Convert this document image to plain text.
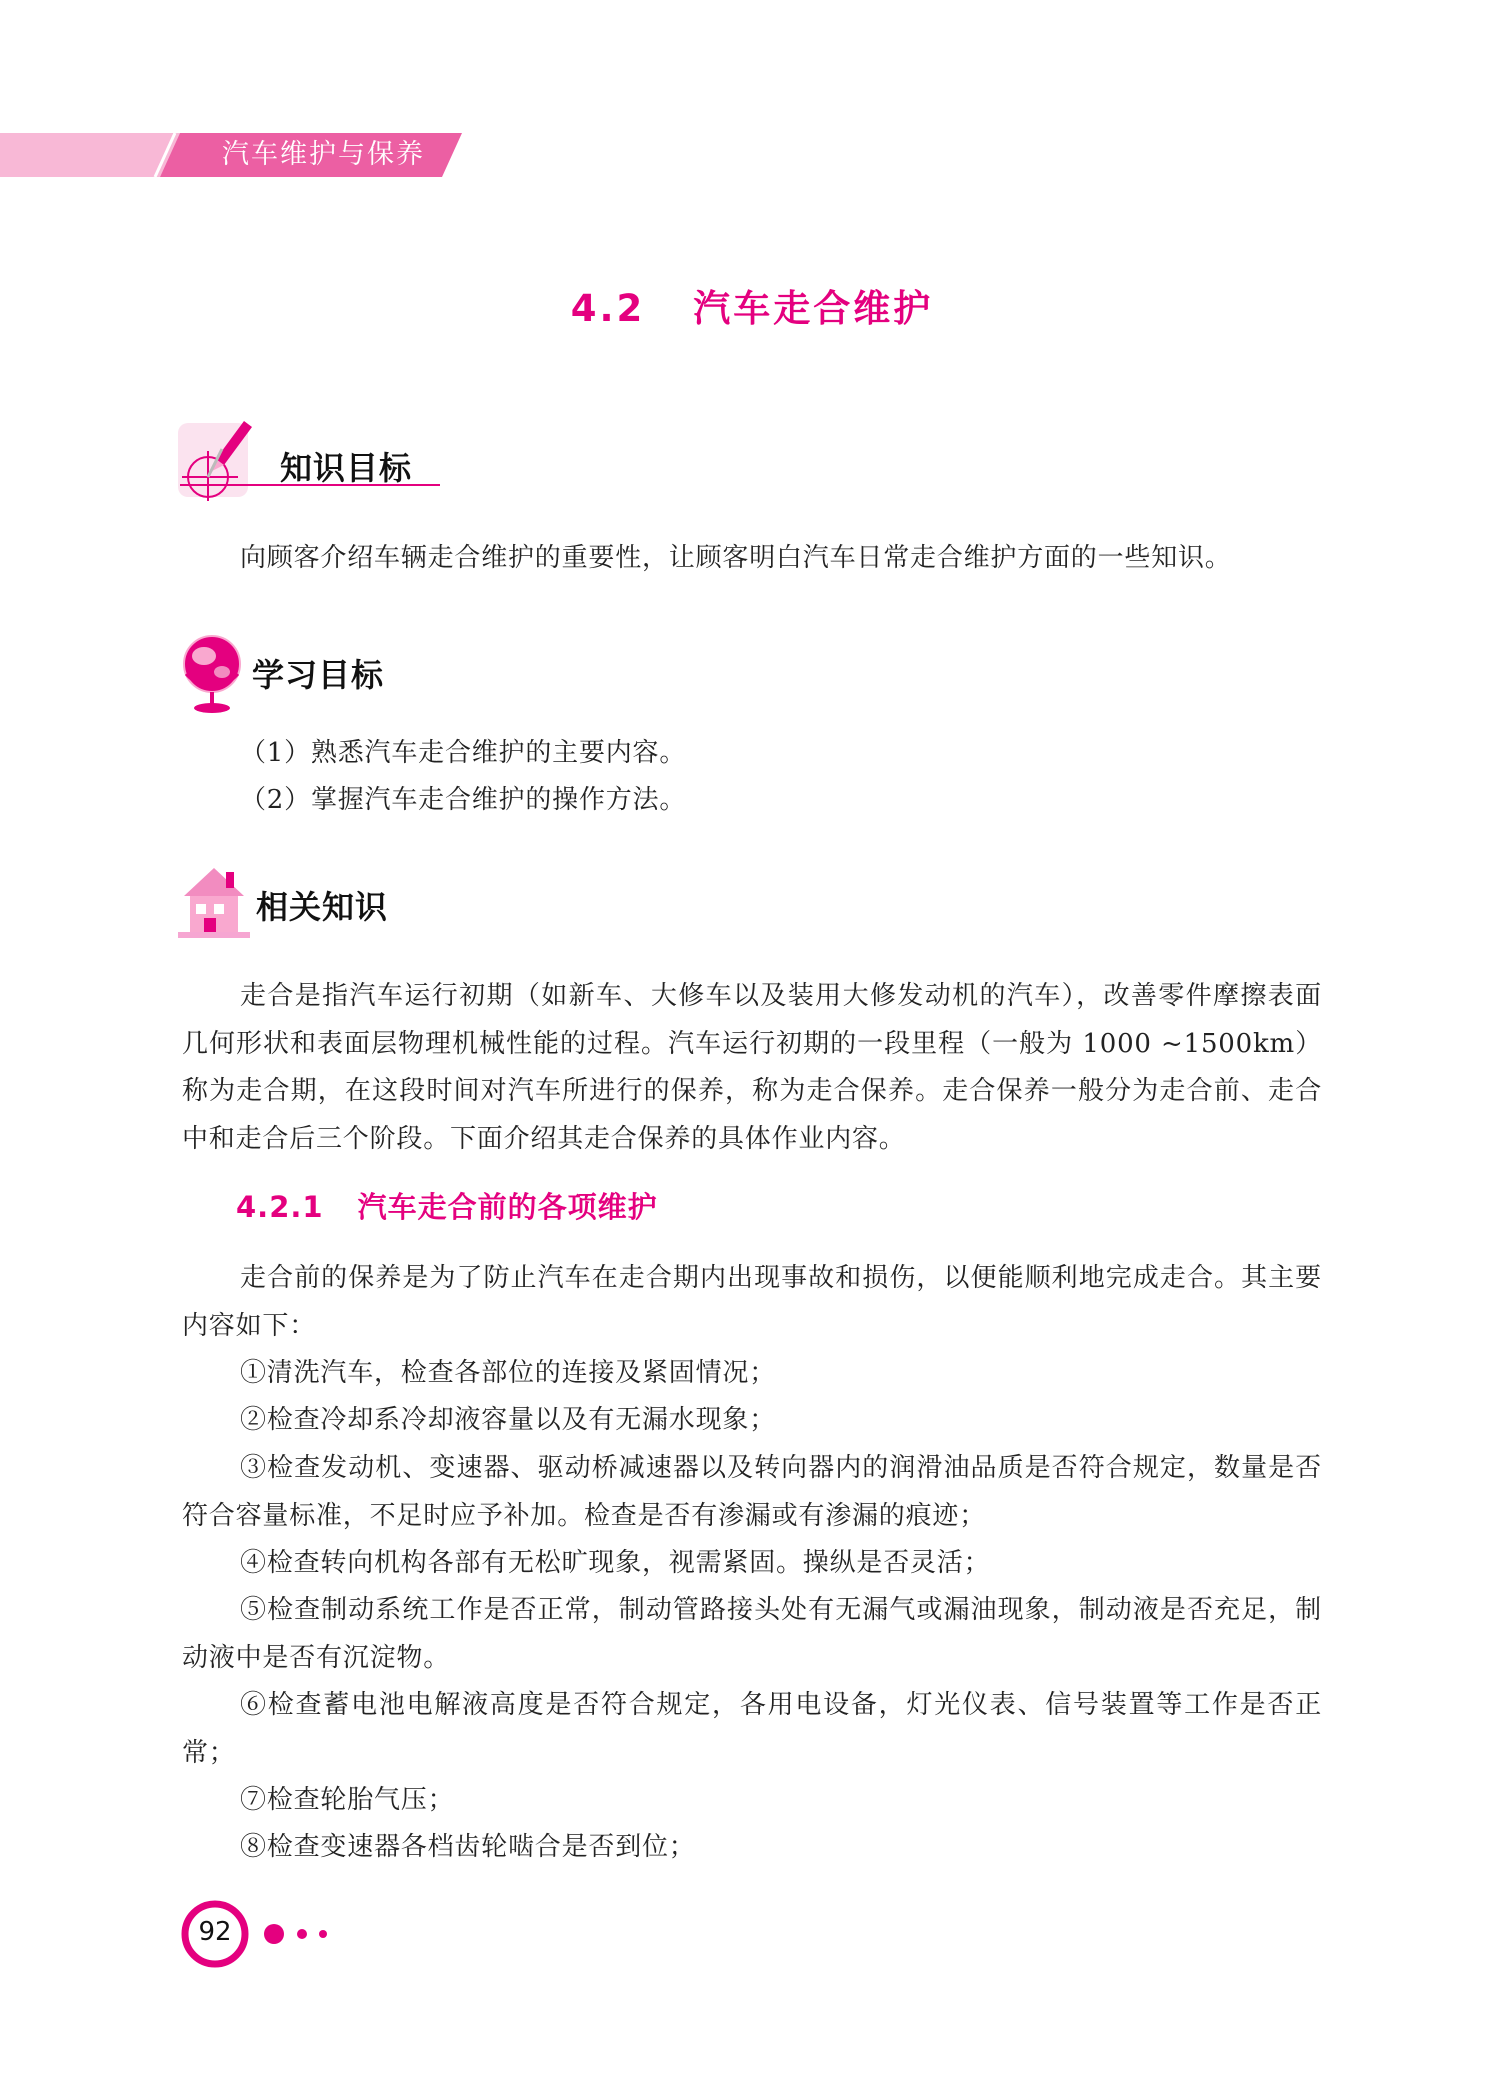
汽车维护与保养
4.2 汽车走合维护
知识目标
向顾客介绍车辆走合维护的重要性，让顾客明白汽车日常走合维护方面的一些知识。
学习目标
（1）熟悉汽车走合维护的主要内容。
（2）掌握汽车走合维护的操作方法。
相关知识
走合是指汽车运行初期（如新车、大修车以及装用大修发动机的汽车），改善零件摩擦表面几何形状和表面层物理机械性能的过程。汽车运行初期的一段里程（一般为 1000 ~1500km）称为走合期，在这段时间对汽车所进行的保养，称为走合保养。走合保养一般分为走合前、走合中和走合后三个阶段。下面介绍其走合保养的具体作业内容。
4.2.1 汽车走合前的各项维护
走合前的保养是为了防止汽车在走合期内出现事故和损伤，以便能顺利地完成走合。其主要内容如下：
①清洗汽车，检查各部位的连接及紧固情况；
②检查冷却系冷却液容量以及有无漏水现象；
③检查发动机、变速器、驱动桥减速器以及转向器内的润滑油品质是否符合规定，数量是否符合容量标准，不足时应予补加。检查是否有渗漏或有渗漏的痕迹；
④检查转向机构各部有无松旷现象，视需紧固。操纵是否灵活；
⑤检查制动系统工作是否正常，制动管路接头处有无漏气或漏油现象，制动液是否充足，制动液中是否有沉淀物。
⑥检查蓄电池电解液高度是否符合规定，各用电设备，灯光仪表、信号装置等工作是否正常；
⑦检查轮胎气压；
⑧检查变速器各档齿轮啮合是否到位；
92
